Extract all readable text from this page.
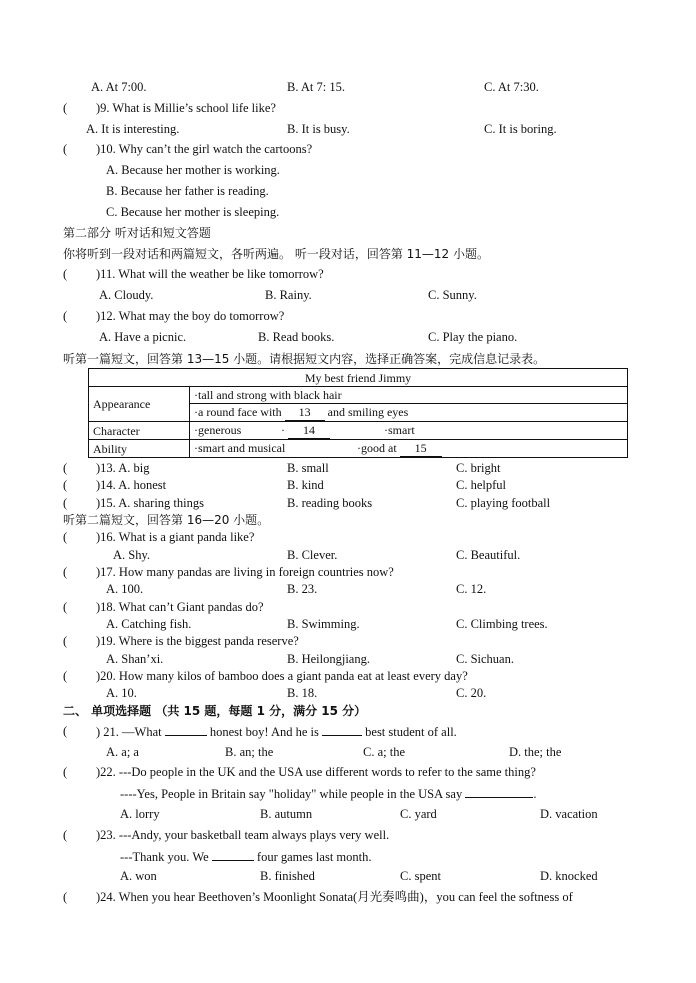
A. At 7:00.	B. At 7: 15.	C. At 7:30.
( )9. What is Millie’s school life like?
A. It is interesting.	B. It is busy.	C. It is boring.
( )10. Why can’t the girl watch the cartoons?
A. Because her mother is working.
B. Because her father is reading.
C. Because her mother is sleeping.
第二部分 听对话和短文答题
你将听到一段对话和两篇短文，各听两遍。 听一段对话，回答第 11—12 小题。
( )11. What will the weather be like tomorrow?
A. Cloudy.	B. Rainy.	C. Sunny.
( )12. What may the boy do tomorrow?
A. Have a picnic.	B. Read books.	C. Play the piano.
听第一篇短文，回答第 13—15 小题。请根据短文内容，选择正确答案，完成信息记录表。
My best friend Jimmy	
Appearance	·tall and strong with black hair
	·a round face with 13 and smiling eyes
Character	·generous · 14 ·smart
Ability	·smart and musical ·good at 15
( )13. A. big	B. small	C. bright
( )14. A. honest	B. kind	C. helpful
( )15. A. sharing things	B. reading books	C. playing football
听第二篇短文，回答第 16—20 小题。
( )16. What is a giant panda like?
A. Shy.	B. Clever.	C. Beautiful.
( )17. How many pandas are living in foreign countries now?
A. 100.	B. 23.	C. 12.
( )18. What can’t Giant pandas do?
A. Catching fish.	B. Swimming.	C. Climbing trees.
( )19. Where is the biggest panda reserve?
A. Shan’xi.	B. Heilongjiang.	C. Sichuan.
( )20. How many kilos of bamboo does a giant panda eat at least every day?
A. 10.	B. 18.	C. 20.
二、 单项选择题 （共 15 题，每题 1 分，满分 15 分）
( ) 21. —What	honest boy! And he is	best student of all.
A. a; a	B. an; the	C. a; the	D. the; the
( )22. ---Do people in the UK and the USA use different words to refer to the same thing?
----Yes, People in Britain say "holiday" while people in the USA say	.
A. lorry	B. autumn	C. yard	D. vacation
( )23. ---Andy, your basketball team always plays very well.
---Thank you. We	four games last month.
A. won	B. finished	C. spent	D. knocked
( )24. When you hear Beethoven’s Moonlight Sonata(月光奏鸣曲)，you can feel the softness of
